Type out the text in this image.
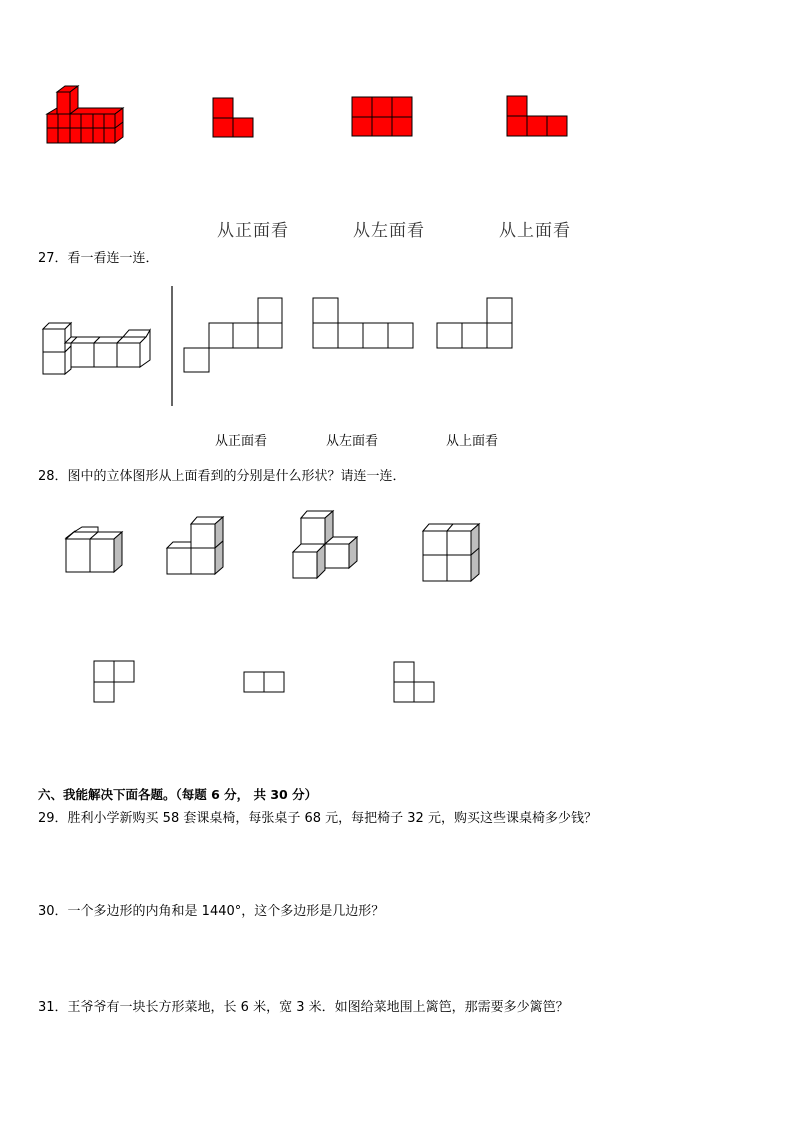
从正面看	从左面看	从上面看
27．看一看连一连．
从正面看	从左面看	从上面看
28．图中的立体图形从上面看到的分别是什么形状？请连一连．
六、我能解决下面各题。（每题 6 分， 共 30 分）
29．胜利小学新购买 58 套课桌椅，每张桌子 68 元，每把椅子 32 元，购买这些课桌椅多少钱？
30．一个多边形的内角和是 1440°，这个多边形是几边形？
31．王爷爷有一块长方形菜地，长 6 米，宽 3 米．如图给菜地围上篱笆，那需要多少篱笆？
